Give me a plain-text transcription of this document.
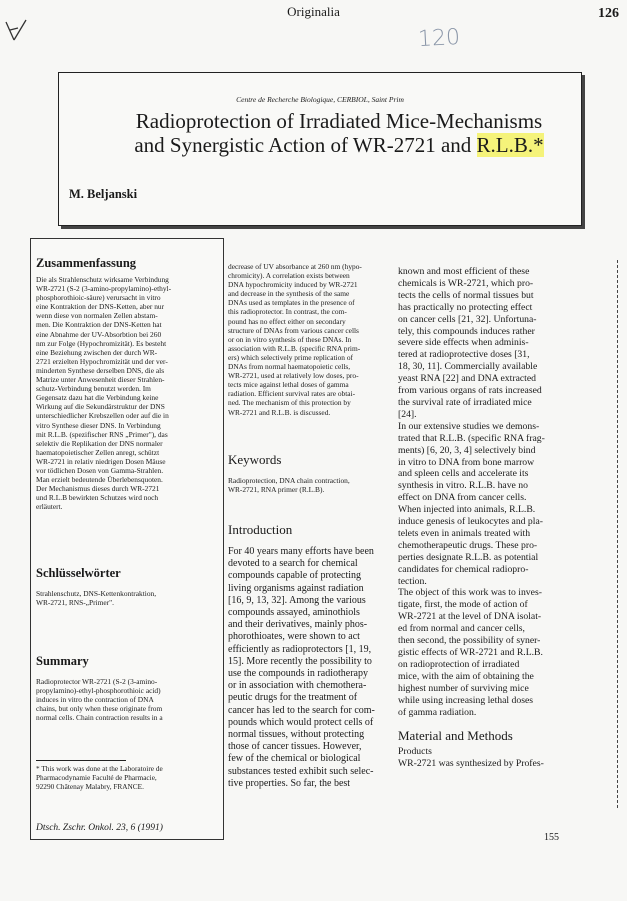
Originalia	126
120
Centre de Recherche Biologique, CERBIOL, Saint Prim
Radioprotection of Irradiated Mice-Mechanisms
and Synergistic Action of WR-2721 and R.L.B.*
M. Beljanski

Zusammenfassung

Die als Strahlenschutz wirksame Verbindung
WR-2721 (S-2 (3-amino-propylamino)-ethyl-
phosphorothioic-säure) verursacht in vitro
eine Kontraktion der DNS-Ketten, aber nur
wenn diese von normalen Zellen abstam-
men. Die Kontraktion der DNS-Ketten hat
eine Abnahme der UV-Absorbtion bei 260
nm zur Folge (Hypochromizität). Es besteht
eine Beziehung zwischen der durch WR-
2721 erzielten Hypochromizität und der ver-
minderten Synthese derselben DNS, die als
Matrize unter Anwesenheit dieser Strahlen-
schutz-Verbindung benutzt werden. Im
Gegensatz dazu hat die Verbindung keine
Wirkung auf die Sekundärstruktur der DNS
unterschiedlicher Krebszellen oder auf die in
vitro Synthese dieser DNS. In Verbindung
mit R.L.B. (spezifischer RNS „Primer"), das
selektiv die Replikation der DNS normaler
haematopoietischer Zellen anregt, schützt
WR-2721 in relativ niedrigen Dosen Mäuse
vor tödlichen Dosen von Gamma-Strahlen.
Man erzielt bedeutende Überlebensquoten.
Der Mechanismus dieses durch WR-2721
und R.L.B bewirkten Schutzes wird noch
erläutert.

Schlüsselwörter

Strahlenschutz, DNS-Kettenkontraktion,
WR-2721, RNS-„Primer".

Summary

Radioprotector WR-2721 (S-2 (3-amino-
propylamino)-ethyl-phosphorothioic acid)
induces in vitro the contraction of DNA
chains, but only when these originate from
normal cells. Chain contraction results in a

* This work was done at the Laboratoire de
Pharmacodynamie Faculté de Pharmacie,
92290 Châtenay Malabry, FRANCE.

decrease of UV absorbance at 260 nm (hypo-
chromicity). A correlation exists between
DNA hypochromicity induced by WR-2721
and decrease in the synthesis of the same
DNAs used as templates in the presence of
this radioprotector. In contrast, the com-
pound has no effect either on secondary
structure of DNAs from various cancer cells
or on in vitro synthesis of these DNAs. In
association with R.L.B. (specific RNA prim-
ers) which selectively prime replication of
DNAs from normal haematopoietic cells,
WR-2721, used at relatively low doses, pro-
tects mice against lethal doses of gamma
radiation. Efficient survival rates are obtai-
ned. The mechanism of this protection by
WR-2721 and R.L.B. is discussed.

Keywords

Radioprotection, DNA chain contraction,
WR-2721, RNA primer (R.L.B).

Introduction

For 40 years many efforts have been
devoted to a search for chemical
compounds capable of protecting
living organisms against radiation
[16, 9, 13, 32]. Among the various
compounds assayed, aminothiols
and their derivatives, mainly phos-
phorothioates, were shown to act
efficiently as radioprotectors [1, 19,
15]. More recently the possibility to
use the compounds in radiotherapy
or in association with chemothera-
peutic drugs for the treatment of
cancer has led to the search for com-
pounds which would protect cells of
normal tissues, without protecting
those of cancer tissues. However,
few of the chemical or biological
substances tested exhibit such selec-
tive properties. So far, the best

known and most efficient of these
chemicals is WR-2721, which pro-
tects the cells of normal tissues but
has practically no protecting effect
on cancer cells [21, 32]. Unfortuna-
tely, this compounds induces rather
severe side effects when adminis-
tered at radioprotective doses [31,
18, 30, 11]. Commercially available
yeast RNA [22] and DNA extracted
from various organs of rats increased
the survival rate of irradiated mice
[24].

In our extensive studies we demons-
trated that R.L.B. (specific RNA frag-
ments) [6, 20, 3, 4] selectively bind
in vitro to DNA from bone marrow
and spleen cells and accelerate its
synthesis in vitro. R.L.B. have no
effect on DNA from cancer cells.
When injected into animals, R.L.B.
induce genesis of leukocytes and pla-
telets even in animals treated with
chemotherapeutic drugs. These pro-
perties designate R.L.B. as potential
candidates for chemical radiopro-
tection.

The object of this work was to inves-
tigate, first, the mode of action of
WR-2721 at the level of DNA isolat-
ed from normal and cancer cells,
then second, the possibility of syner-
gistic effects of WR-2721 and R.L.B.
on radioprotection of irradiated
mice, with the aim of obtaining the
highest number of surviving mice
while using increasing lethal doses
of gamma radiation.

Material and Methods

Products

WR-2721 was synthesized by Profes-

Dtsch. Zschr. Onkol. 23, 6 (1991)
155
